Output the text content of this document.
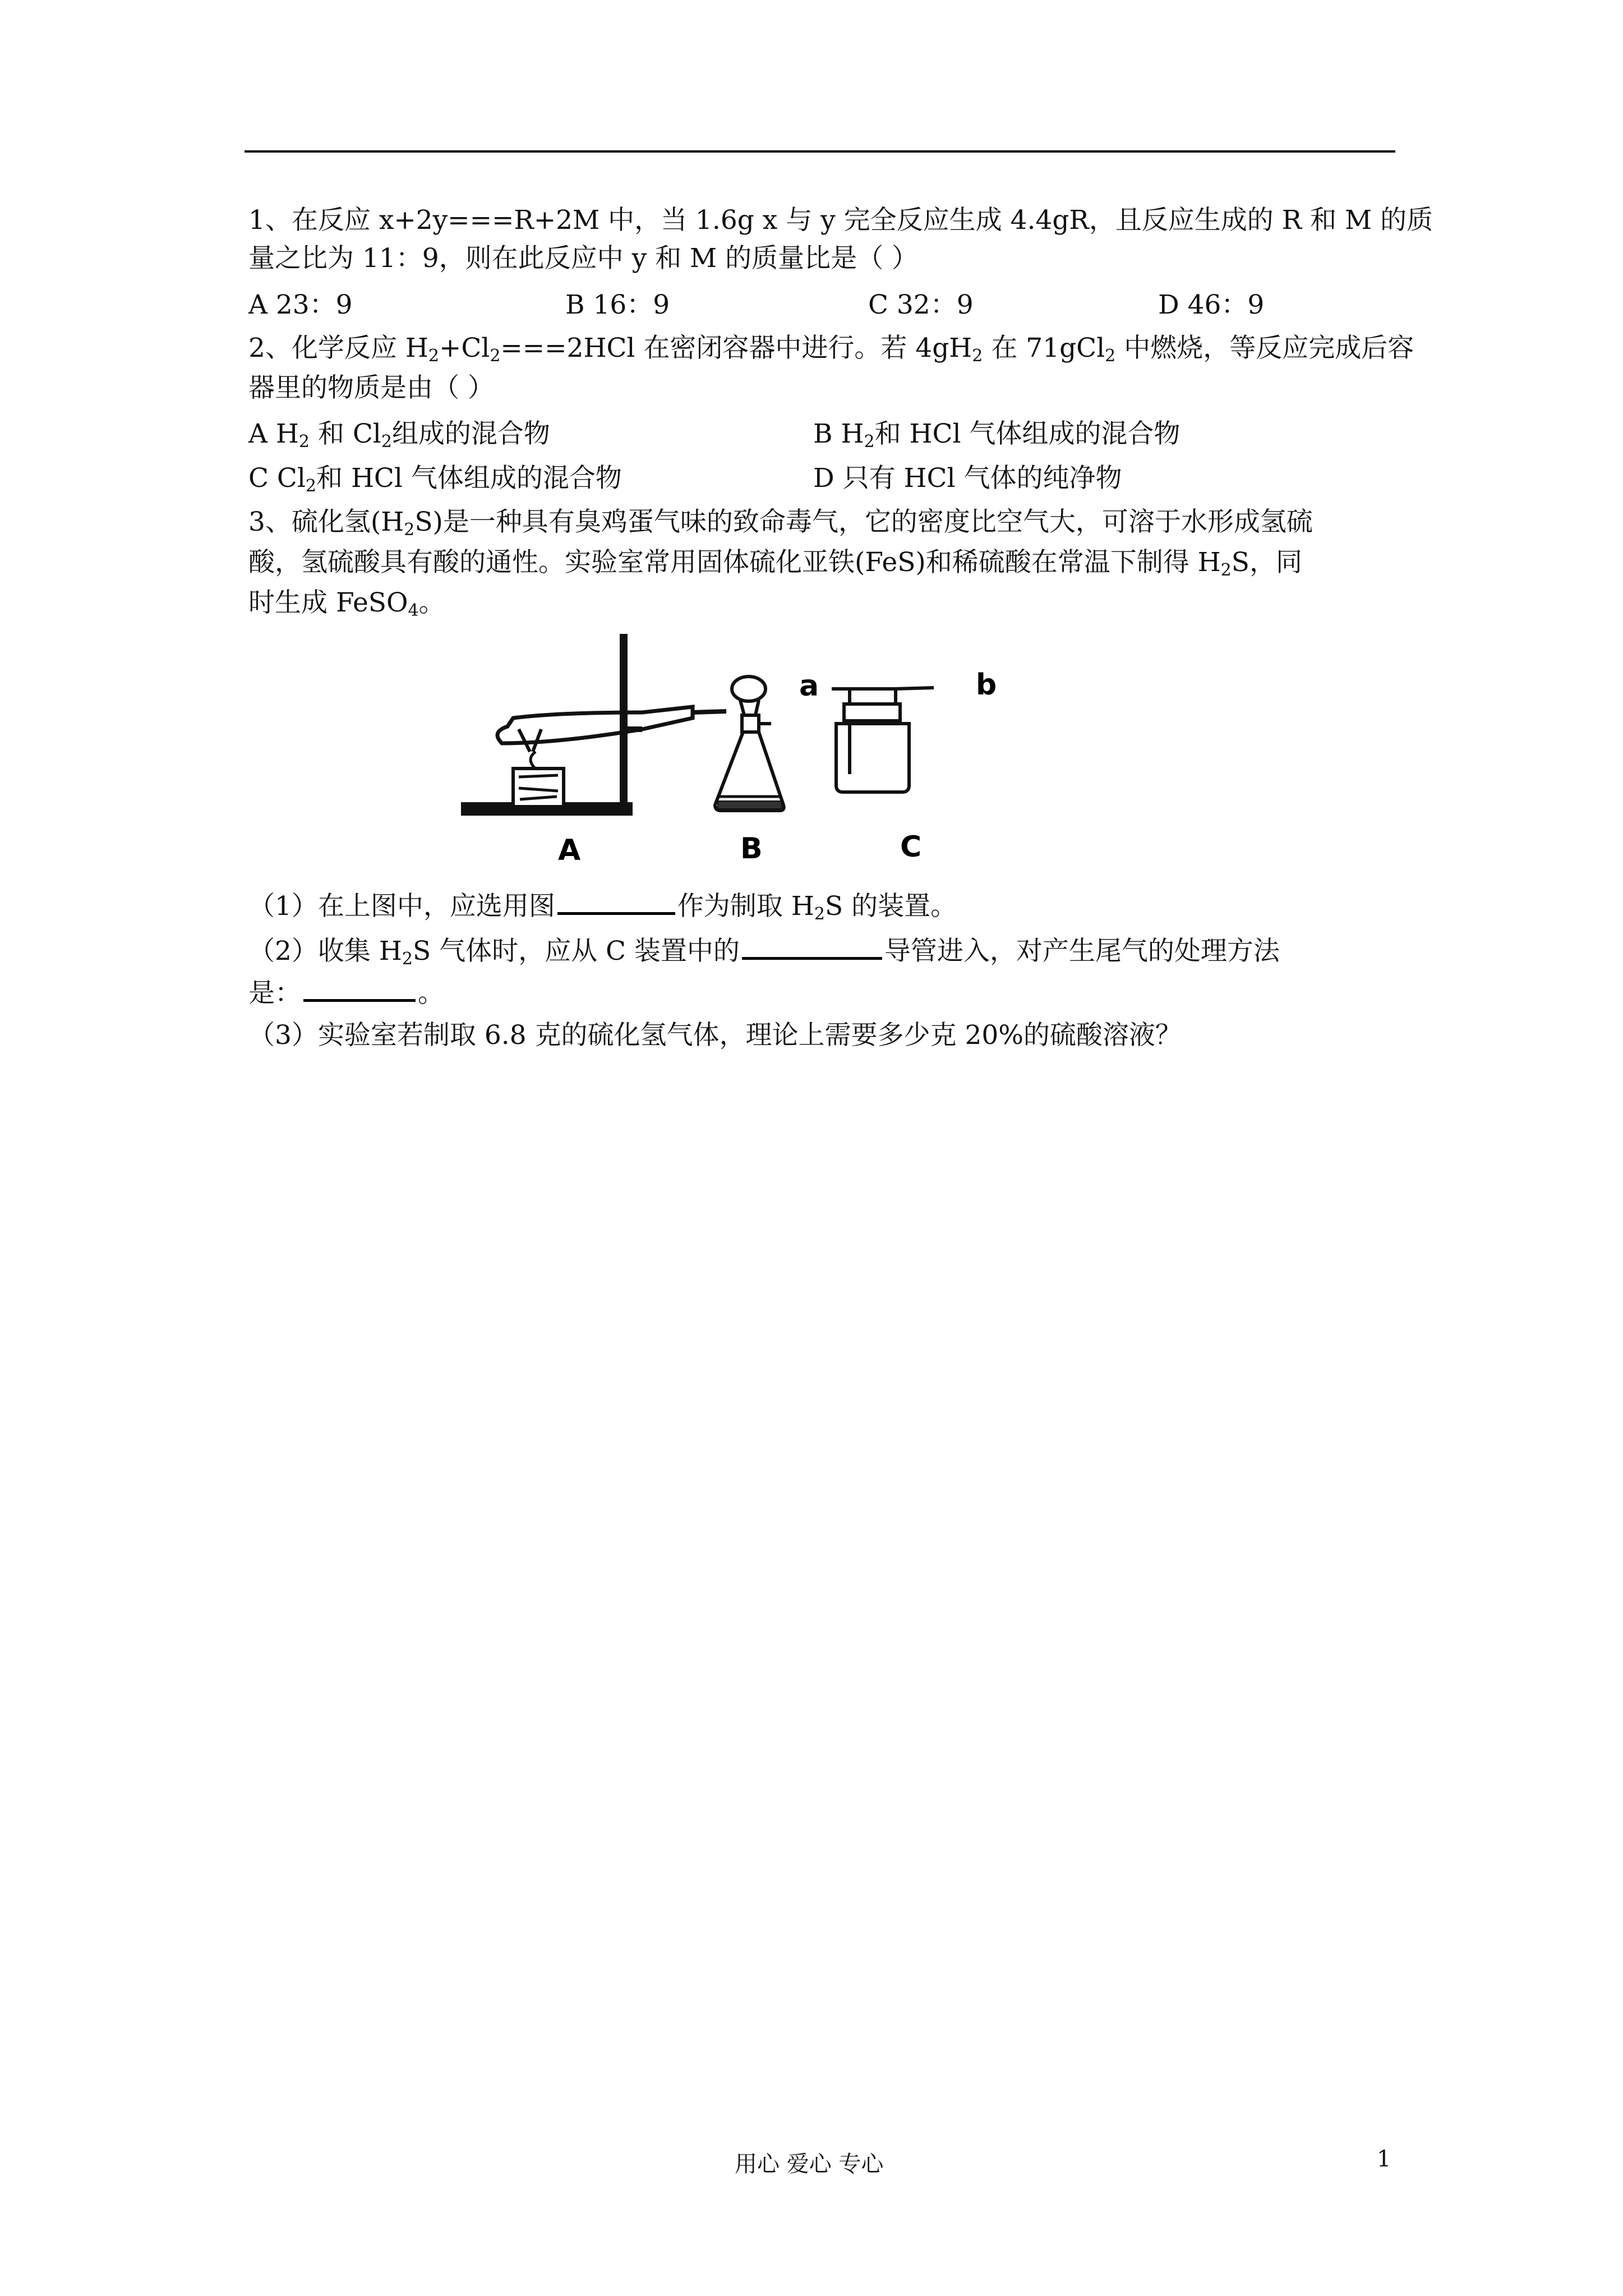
1、在反应 x+2y===R+2M 中，当 1.6g x 与 y 完全反应生成 4.4gR，且反应生成的 R 和 M 的质
量之比为 11：9，则在此反应中 y 和 M 的质量比是（ ）
A 23：9	B 16：9	C 32：9	D 46：9
2、化学反应 $H_2+Cl_2===2HCl$ 在密闭容器中进行。若 $4gH_2$ 在 71gCl$_2$ 中燃烧，等反应完成后容
器里的物质是由（ ）
A $H_2$ 和 $Cl_2$组成的混合物	B $H_2$和 HCl 气体组成的混合物
C $Cl_2$和 HCl 气体组成的混合物	D 只有 HCl 气体的纯净物
3、硫化氢$(H_2S)$是一种具有臭鸡蛋气味的致命毒气，它的密度比空气大，可溶于水形成氢硫
酸，氢硫酸具有酸的通性。实验室常用固体硫化亚铁(FeS)和稀硫酸在常温下制得 $H_2S$，同
时生成 FeSO$_4$。
a	b
A	B	C
（1）在上图中，应选用图	作为制取 $H_2S$ 的装置。
（2）收集 $H_2S$ 气体时，应从 C 装置中的	导管进入，对产生尾气的处理方法
是：	。
（3）实验室若制取 6.8 克的硫化氢气体，理论上需要多少克 20%的硫酸溶液？
用心 爱心 专心	1
